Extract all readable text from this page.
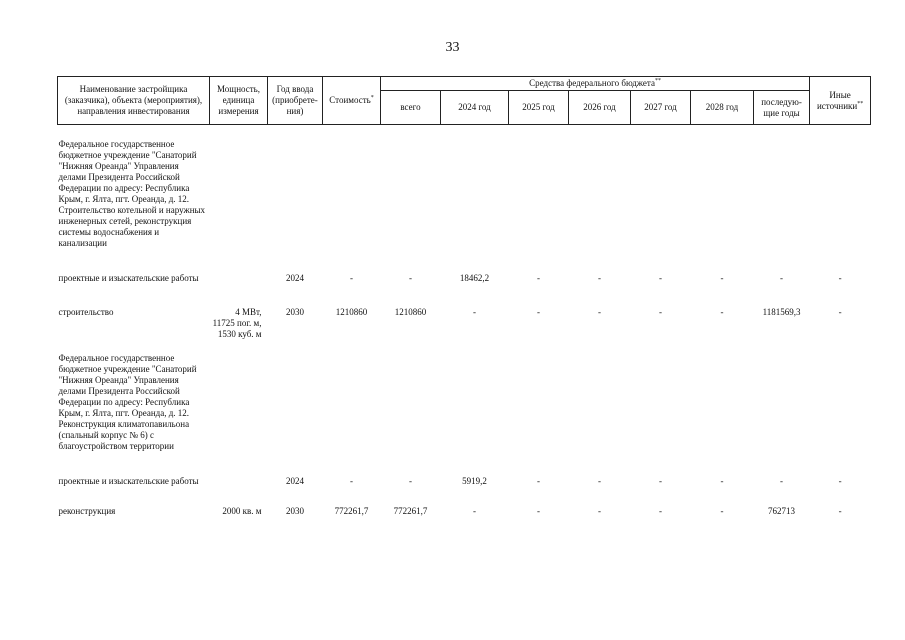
33
Наименование застройщика (заказчика), объекта (мероприятия), направления инвестирования	Мощность, единица измерения	Год ввода (приобрете-ния)	Стоимость*	Средства федерального бюджета**							Иные источники**
				всего	2024 год	2025 год	2026 год	2027 год	2028 год	последую-щие годы	

Федеральное государственное бюджетное учреждение "Санаторий "Нижняя Ореанда" Управления делами Президента Российской Федерации по адресу: Республика Крым, г. Ялта, пгт. Ореанда, д. 12. Строительство котельной и наружных инженерных сетей, реконструкция системы водоснабжения и канализации											
проектные и изыскательские работы		2024	-	-	18462,2	-	-	-	-	-	-
строительство	4 МВт, 11725 пог. м, 1530 куб. м	2030	1210860	1210860	-	-	-	-	-	1181569,3	-
Федеральное государственное бюджетное учреждение "Санаторий "Нижняя Ореанда" Управления делами Президента Российской Федерации по адресу: Республика Крым, г. Ялта, пгт. Ореанда, д. 12. Реконструкция климатопавильона (спальный корпус № 6) с благоустройством территории											
проектные и изыскательские работы		2024	-	-	5919,2	-	-	-	-	-	-
реконструкция	2000 кв. м	2030	772261,7	772261,7	-	-	-	-	-	762713	-
